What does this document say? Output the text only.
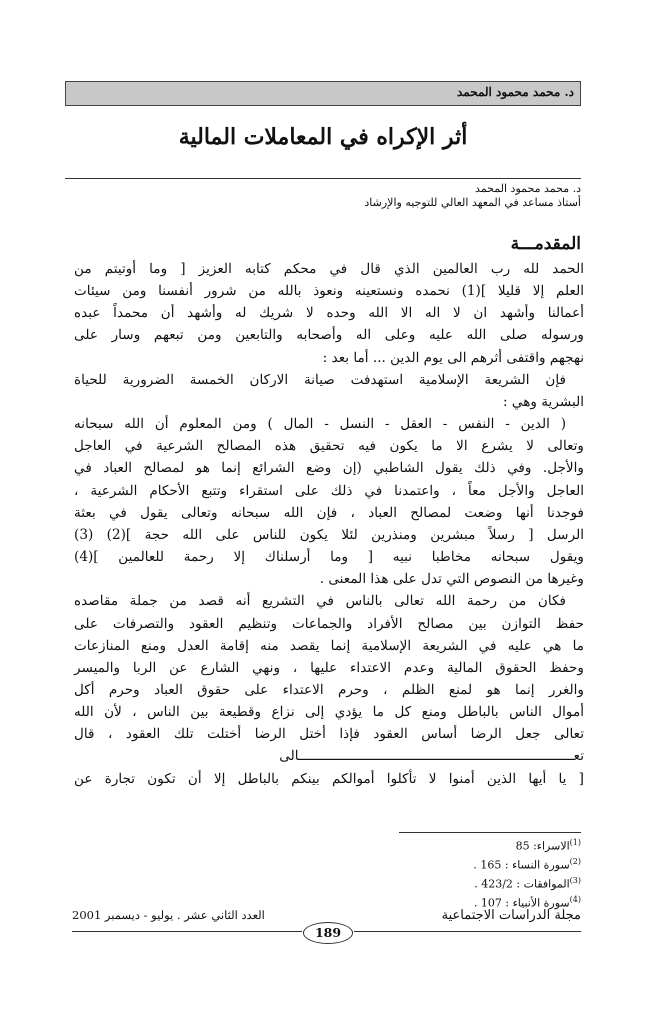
د. محمد محمود المحمد
أثر الإكراه في المعاملات المالية
د. محمد محمود المحمد
أستاذ مساعد في المعهد العالي للتوجيه والإرشاد
المقدمـــة

الحمد لله رب العالمين الذي قال في محكم كتابه العزيز [ وما أوتيتم من

العلم إلا قليلا ](1) نحمده ونستعينه ونعوذ بالله من شرور أنفسنا ومن سيئات

أعمالنا وأشهد ان لا اله الا الله وحده لا شريك له وأشهد أن محمداً عبده

ورسوله صلى الله عليه وعلى اله وأصحابه والتابعين ومن تبعهم وسار على

نهجهم واقتفى أثرهم الى يوم الدين ... أما بعد :

فإن الشريعة الإسلامية استهدفت صيانة الاركان الخمسة الضرورية للحياة

البشرية وهي :

( الدين - النفس - العقل - النسل - المال ) ومن المعلوم أن الله سبحانه

وتعالى لا يشرع الا ما يكون فيه تحقيق هذه المصالح الشرعية في العاجل

والأجل. وفي ذلك يقول الشاطبي (إن وضع الشرائع إنما هو لمصالح العباد في

العاجل والأجل معاً ، واعتمدنا في ذلك على استقراء وتتبع الأحكام الشرعية ،

فوجدنا أنها وضعت لمصالح العباد ، فإن الله سبحانه وتعالى يقول في بعثة

الرسل [ رسلاً مبشرين ومنذرين لئلا يكون للناس على الله حجة ](2) (3)

ويقول سبحانه مخاطبا نبيه [ وما أرسلناك إلا رحمة للعالمين ](4)

وغيرها من النصوص التي تدل على هذا المعنى .

فكان من رحمة الله تعالى بالناس في التشريع أنه قصد من جملة مقاصده

حفظ التوازن بين مصالح الأفراد والجماعات وتنظيم العقود والتصرفات على

ما هي عليه في الشريعة الإسلامية إنما يقصد منه إقامة العدل ومنع المنازعات

وحفظ الحقوق المالية وعدم الاعتداء عليها ، ونهي الشارع عن الربا والميسر

والغرر إنما هو لمنع الظلم ، وحرم الاعتداء على حقوق العباد وحرم أكل

أموال الناس بالباطل ومنع كل ما يؤدي إلى نزاع وقطيعة بين الناس ، لأن الله

تعالى جعل الرضا أساس العقود فإذا أختل الرضا أختلت تلك العقود ، قال

تعـــــــــــــــــــــــــــــــــــــــــــــــــــــــــــــــــــــالى

[ يا أيها الذين أمنوا لا تأكلوا أموالكم بينكم بالباطل إلا أن تكون تجارة عن

$^{(1)}$الاسراء: 85
$^{(2)}$سورة النساء : 165 .
$^{(3)}$الموافقات : 423/2 .
$^{(4)}$سورة الأنبياء : 107 .
مجلة الدراسات الاجتماعية
العدد الثاني عشر . يوليو - ديسمبر 2001
189
